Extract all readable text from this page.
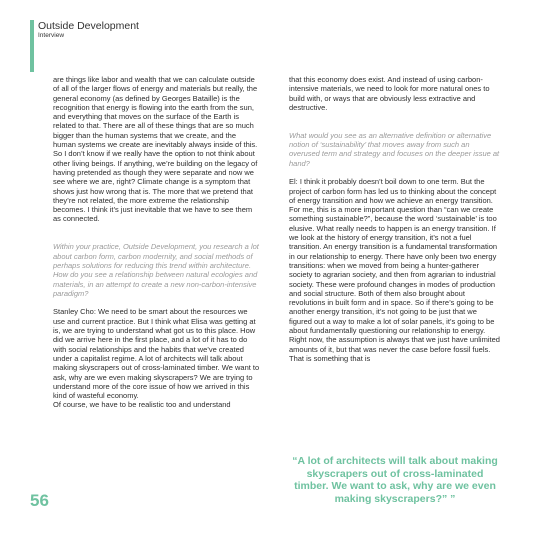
Outside Development
Interview

are things like labor and wealth that we can calculate outside of all of the larger flows of energy and materials but really, the general economy (as defined by Georges Bataille) is the recognition that energy is flowing into the earth from the sun, and everything that moves on the surface of the Earth is related to that. There are all of these things that are so much bigger than the human systems that we create, and the human systems we create are inevitably always inside of this.

So I don’t know if we really have the option to not think about other living beings. If anything, we’re building on the legacy of having pretended as though they were separate and now we see where we are, right? Climate change is a symptom that shows just how wrong that is. The more that we pretend that they’re not related, the more extreme the relationship becomes. I think it’s just inevitable that we have to see them as connected.

Within your practice, Outside Development, you research a lot about carbon form, carbon modernity, and social methods of perhaps solutions for reducing this trend within architecture. How do you see a relationship between natural ecologies and materials, in an attempt to create a new non-carbon-intensive paradigm?

Stanley Cho: We need to be smart about the resources we use and current practice. But I think what Elisa was getting at is, we are trying to understand what got us to this place. How did we arrive here in the first place, and a lot of it has to do with social relationships and the habits that we’ve created under a capitalist regime. A lot of architects will talk about making skyscrapers out of cross-laminated timber. We want to ask, why are we even making skyscrapers? We are trying to understand more of the core issue of how we arrived in this kind of wasteful economy.

Of course, we have to be realistic too and understand

that this economy does exist. And instead of using carbon-intensive materials, we need to look for more natural ones to build with, or ways that are obviously less extractive and destructive.

What would you see as an alternative definition or alternative notion of ‘sustainability’ that moves away from such an overused term and strategy and focuses on the deeper issue at hand?

El: I think it probably doesn’t boil down to one term. But the project of carbon form has led us to thinking about the concept of energy transition and how we achieve an energy transition. For me, this is a more important question than “can we create something sustainable?”, because the word ‘sustainable’ is too elusive. What really needs to happen is an energy transition. If we look at the history of energy transition, it’s not a fuel transition. An energy transition is a fundamental transformation in our relationship to energy. There have only been two energy transitions: when we moved from being a hunter-gatherer society to agrarian society, and then from agrarian to industrial society. These were profound changes in modes of production and social structure. Both of them also brought about revolutions in built form and in space. So if there’s going to be another energy transition, it’s not going to be just that we figured out a way to make a lot of solar panels, it’s going to be about fundamentally questioning our relationship to energy. Right now, the assumption is always that we just have unlimited amounts of it, but that was never the case before fossil fuels. That is something that is

“A lot of architects will talk about making skyscrapers out of cross-laminated timber. We want to ask, why are we even making skyscrapers?” ”
56
